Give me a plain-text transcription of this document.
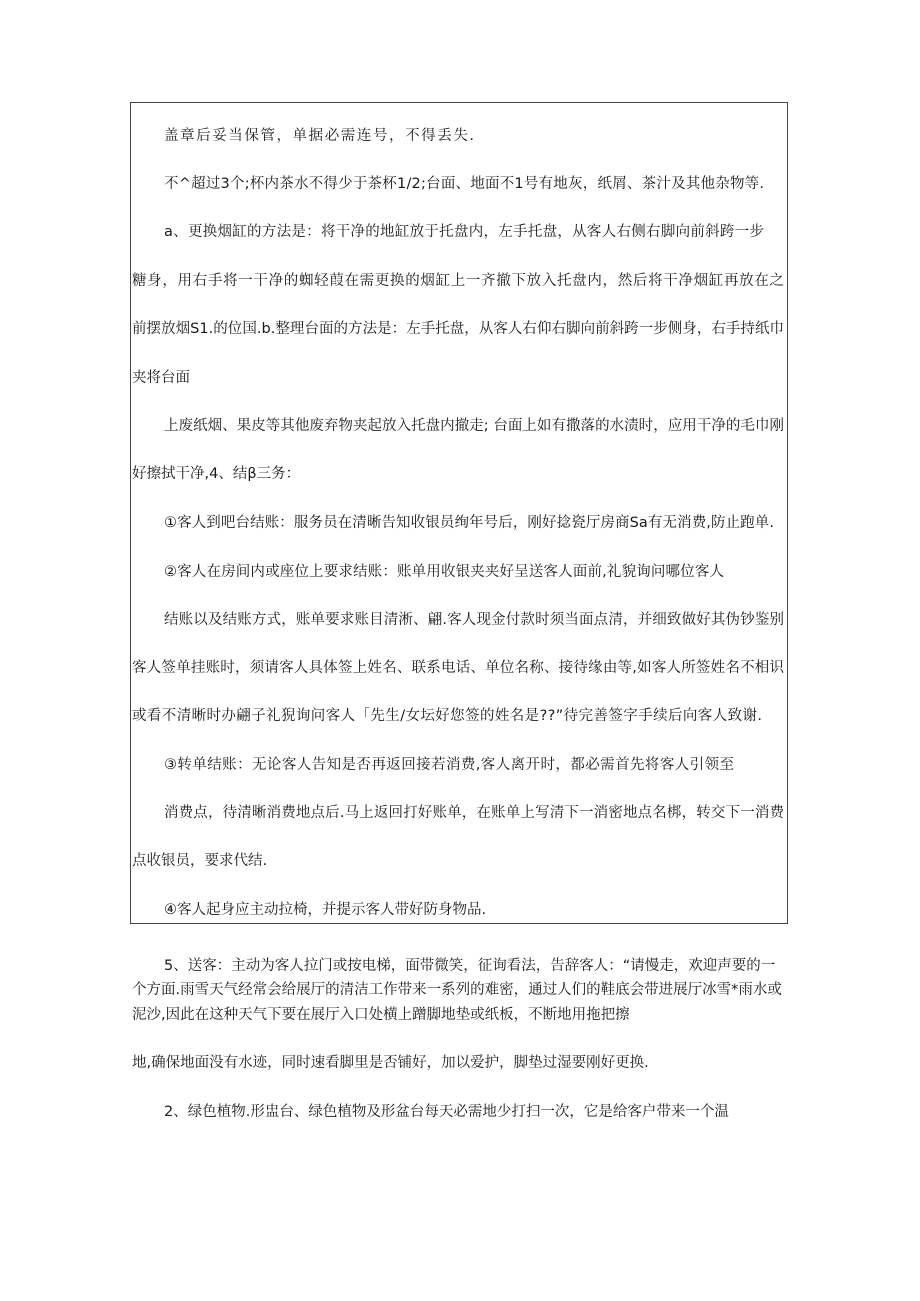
盖章后妥当保管，单据必需连号，不得丢失.
不^超过3个;杯内茶水不得少于茶杯1/2;台面、地面不1号有地灰，纸屑、茶汁及其他杂物等.
a、更换烟缸的方法是：将干净的地缸放于托盘内，左手托盘，从客人右侧右脚向前斜跨一步
糖身，用右手将一干净的蜘轻葭在需更换的烟缸上一齐撤下放入托盘内，然后将干净烟缸再放在之
前摆放烟S1.的位国.b.整理台面的方法是：左手托盘，从客人右仰右脚向前斜跨一步侧身，右手持纸巾
夹将台面
上废纸烟、果皮等其他废弃物夹起放入托盘内撤走; 台面上如有撒落的水渍时，应用干净的毛巾刚
好擦拭干净,4、结β三务：
①客人到吧台结账：服务员在清晰告知收银员绚年号后，刚好捻瓷厅房商Sa有无消费,防止跑单.
②客人在房间内或座位上要求结账：账单用收银夹夹好呈送客人面前,礼貌询问哪位客人
结账以及结账方式，账单要求账目清淅、翩.客人现金付款时须当面点清，并细致做好其伪钞鉴别
客人签单挂账时，须请客人具体签上姓名、联系电话、单位名称、接待缘由等,如客人所签姓名不相识
或看不清晰时办翩子礼猊询问客人「先生/女坛好您签的姓名是??”待完善签字手续后向客人致谢.
③转单结账：无论客人告知是否再返回接若消费,客人离开时，都必需首先将客人引领至
消费点，待清晰消费地点后.马上返回打好账单，在账单上写清下一消密地点名梆，转交下一消费
点收银员，要求代结.
④客人起身应主动拉椅，并提示客人带好防身物品.
5、送客：主动为客人拉门或按电梯，面带微笑，征询看法，告辞客人：“请慢走，欢迎声要的一
个方面.雨雪天气经常会给展厅的清洁工作带来一系列的难密，通过人们的鞋底会带进展厅冰雪*雨水或
泥沙,因此在这种天气下要在展厅入口处横上蹭脚地垫或纸板，不断地用拖把擦
地,确保地面没有水迹，同时速看脚里是否铺好，加以爱护，脚垫过湿要刚好更换.
2、绿色植物.形盅台、绿色植物及形盆台每天必需地少打扫一次，它是给客户带来一个温
